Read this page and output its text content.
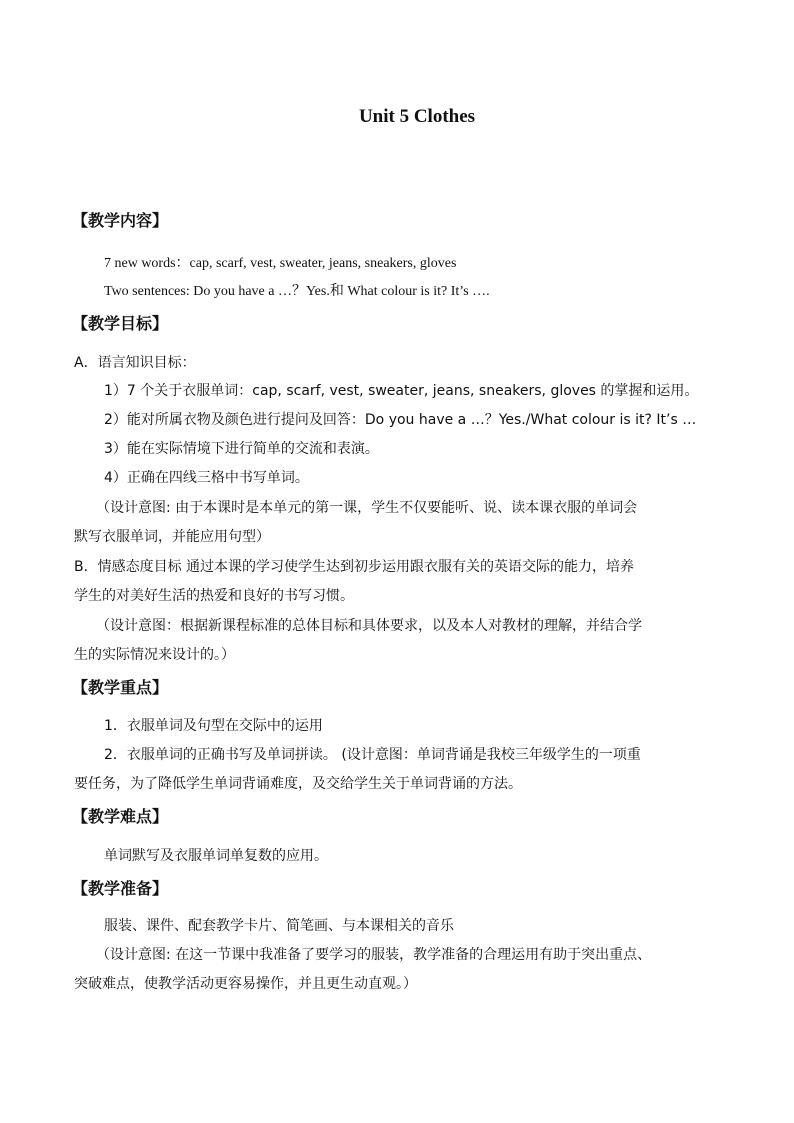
Unit 5 Clothes
【教学内容】
7 new words：cap, scarf, vest, sweater, jeans, sneakers, gloves
Two sentences: Do you have a …？Yes.和 What colour is it? It’s ….
【教学目标】
A．语言知识目标：
1）7 个关于衣服单词：cap, scarf, vest, sweater, jeans, sneakers, gloves 的掌握和运用。
2）能对所属衣物及颜色进行提问及回答：Do you have a …？Yes./What colour is it? It’s …
3）能在实际情境下进行简单的交流和表演。
4）正确在四线三格中书写单词。
（设计意图: 由于本课时是本单元的第一课，学生不仅要能听、说、读本课衣服的单词会
默写衣服单词，并能应用句型）
B．情感态度目标 通过本课的学习使学生达到初步运用跟衣服有关的英语交际的能力，培养
学生的对美好生活的热爱和良好的书写习惯。
（设计意图：根据新课程标准的总体目标和具体要求，以及本人对教材的理解，并结合学
生的实际情况来设计的。）
【教学重点】
1．衣服单词及句型在交际中的运用
2．衣服单词的正确书写及单词拼读。 (设计意图：单词背诵是我校三年级学生的一项重
要任务，为了降低学生单词背诵难度，及交给学生关于单词背诵的方法。
【教学难点】
单词默写及衣服单词单复数的应用。
【教学准备】
服装、课件、配套教学卡片、简笔画、与本课相关的音乐
（设计意图: 在这一节课中我准备了要学习的服装，教学准备的合理运用有助于突出重点、
突破难点，使教学活动更容易操作，并且更生动直观。）
